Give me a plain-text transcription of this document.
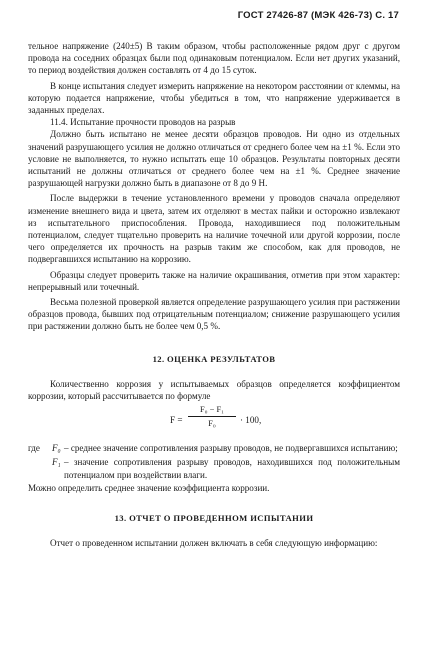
ГОСТ 27426-87 (МЭК 426-73) С. 17

тельное напряжение (240±5) В таким образом, чтобы расположенные рядом друг с другом провода на соседних образцах были под одинаковым потенциалом. Если нет других указаний, то период воздействия должен составлять от 4 до 15 суток.

В конце испытания следует измерить напряжение на некотором расстоянии от клеммы, на которую подается напряжение, чтобы убедиться в том, что напряжение удерживается в заданных пределах.

11.4. Испытание прочности проводов на разрыв

Должно быть испытано не менее десяти образцов проводов. Ни одно из отдельных значений разрушающего усилия не должно отличаться от среднего более чем на ±1 %. Если это условие не выполняется, то нужно испытать еще 10 образцов. Результаты повторных десяти испытаний не должны отличаться от среднего более чем на ±1 %. Среднее значение разрушающей нагрузки должно быть в диапазоне от 8 до 9 Н.

После выдержки в течение установленного времени у проводов сначала определяют изменение внешнего вида и цвета, затем их отделяют в местах пайки и осторожно извлекают из испытательного приспособления. Провода, находившиеся под положительным потенциалом, следует тщательно проверить на наличие точечной или другой коррозии, после чего определяется их прочность на разрыв таким же способом, как для проводов, не подвергавшихся испытанию на коррозию.

Образцы следует проверить также на наличие окрашивания, отметив при этом характер: непрерывный или точечный.

Весьма полезной проверкой является определение разрушающего усилия при растяжении образцов провода, бывших под отрицательным потенциалом; снижение разрушающего усилия при растяжении должно быть не более чем 0,5 %.

12. ОЦЕНКА РЕЗУЛЬТАТОВ

Количественно коррозия у испытываемых образцов определяется коэффициентом коррозии, который рассчитывается по формуле

F =
F₀ − F₁
F₀	· 100,
где F₀ – среднее значение сопротивления разрыву проводов, не подвергавшихся испытанию;
F₁ – значение сопротивления разрыву проводов, находившихся под положительным потенциалом при воздействии влаги.

Можно определить среднее значение коэффициента коррозии.

13. ОТЧЕТ О ПРОВЕДЕННОМ ИСПЫТАНИИ

Отчет о проведенном испытании должен включать в себя следующую информацию:
